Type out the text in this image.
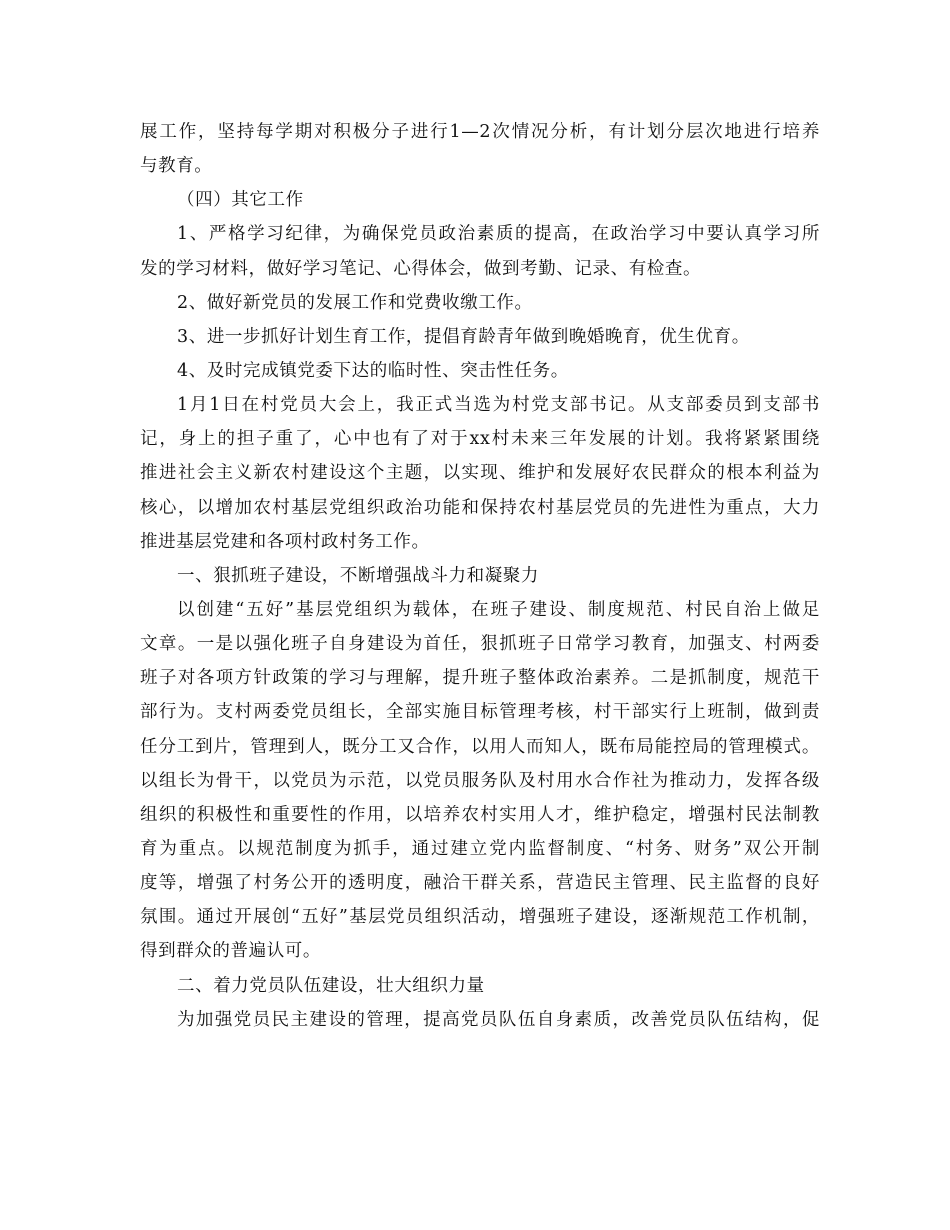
展工作，坚持每学期对积极分子进行1—2次情况分析，有计划分层次地进行培养
与教育。
（四）其它工作
1、严格学习纪律，为确保党员政治素质的提高，在政治学习中要认真学习所
发的学习材料，做好学习笔记、心得体会，做到考勤、记录、有检查。
2、做好新党员的发展工作和党费收缴工作。
3、进一步抓好计划生育工作，提倡育龄青年做到晚婚晚育，优生优育。
4、及时完成镇党委下达的临时性、突击性任务。
1月1日在村党员大会上，我正式当选为村党支部书记。从支部委员到支部书
记，身上的担子重了，心中也有了对于xx村未来三年发展的计划。我将紧紧围绕
推进社会主义新农村建设这个主题，以实现、维护和发展好农民群众的根本利益为
核心，以增加农村基层党组织政治功能和保持农村基层党员的先进性为重点，大力
推进基层党建和各项村政村务工作。
一、狠抓班子建设，不断增强战斗力和凝聚力
以创建“五好”基层党组织为载体，在班子建设、制度规范、村民自治上做足
文章。一是以强化班子自身建设为首任，狠抓班子日常学习教育，加强支、村两委
班子对各项方针政策的学习与理解，提升班子整体政治素养。二是抓制度，规范干
部行为。支村两委党员组长，全部实施目标管理考核，村干部实行上班制，做到责
任分工到片，管理到人，既分工又合作，以用人而知人，既布局能控局的管理模式。
以组长为骨干，以党员为示范，以党员服务队及村用水合作社为推动力，发挥各级
组织的积极性和重要性的作用，以培养农村实用人才，维护稳定，增强村民法制教
育为重点。以规范制度为抓手，通过建立党内监督制度、“村务、财务”双公开制
度等，增强了村务公开的透明度，融洽干群关系，营造民主管理、民主监督的良好
氛围。通过开展创“五好”基层党员组织活动，增强班子建设，逐渐规范工作机制，
得到群众的普遍认可。
二、着力党员队伍建设，壮大组织力量
为加强党员民主建设的管理，提高党员队伍自身素质，改善党员队伍结构，促
